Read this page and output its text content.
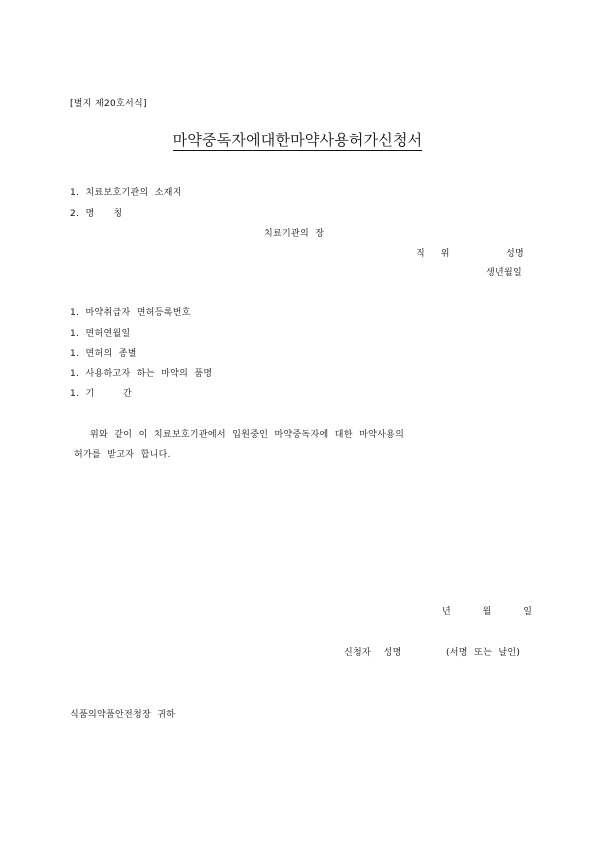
[별지 제20호서식]
마약중독자에대한마약사용허가신청서
1.  치료보호기관의  소재지
2.  명      칭
치료기관의  장
직     위	성명
생년월일
1.  마약취급자  면허등록번호
1.  면허연월일
1.  면허의  종별
1.  사용하고자  하는  마약의  품명
1.  기         간
위와  같이  이  치료보호기관에서  입원중인  마약중독자에  대한  마약사용의
허가를  받고자  합니다.
년          월          일
신청자    성명	(서명  또는  날인)
식품의약품안전청장  귀하
